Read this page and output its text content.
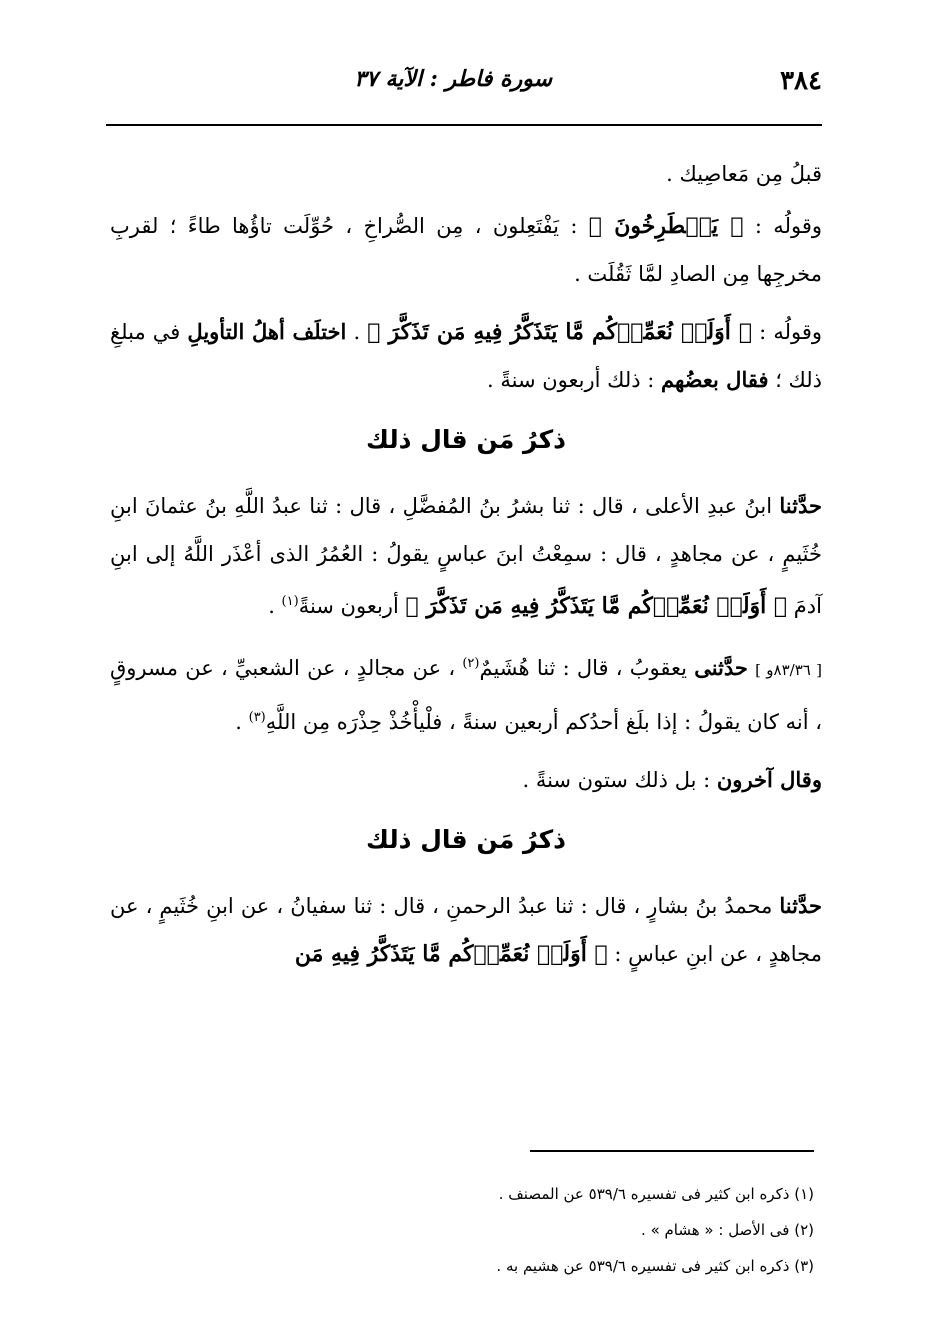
٣٨٤
سورة فاطر : الآية ٣٧

قبلُ مِن مَعاصِيك .

وقولُه : ﴿ يَصۡطَرِخُونَ ﴾ : يَفْتَعِلون ، مِن الصُّراخِ ، حُوِّلَت تاؤُها طاءً ؛ لقربِ مخرجِها مِن الصادِ لمَّا ثَقُلَت .

وقولُه : ﴿ أَوَلَمۡ نُعَمِّرۡكُم مَّا يَتَذَكَّرُ فِيهِ مَن تَذَكَّرَ ﴾ . اختلَف أهلُ التأويلِ في مبلغِ ذلك ؛ فقال بعضُهم : ذلك أربعون سنةً .

ذكرُ مَن قال ذلك

حدَّثنا ابنُ عبدِ الأعلى ، قال : ثنا بشرُ بنُ المُفضَّلِ ، قال : ثنا عبدُ اللَّهِ بنُ عثمانَ ابنِ خُثَيمٍ ، عن مجاهدٍ ، قال : سمِعْتُ ابنَ عباسٍ يقولُ : العُمُرُ الذى أعْذَر اللَّهُ إلى ابنِ آدمَ ﴿ أَوَلَمۡ نُعَمِّرۡكُم مَّا يَتَذَكَّرُ فِيهِ مَن تَذَكَّرَ ﴾ أربعون سنةً$^{(١)}$ .

[ ٨٣/٣٦و ] حدَّثنى يعقوبُ ، قال : ثنا هُشَيمٌ$^{(٢)}$ ، عن مجالدٍ ، عن الشعبيِّ ، عن مسروقٍ ، أنه كان يقولُ : إذا بلَغ أحدُكم أربعين سنةً ، فلْيأْخُذْ حِذْرَه مِن اللَّهِ$^{(٣)}$ .

وقال آخرون : بل ذلك ستون سنةً .

ذكرُ مَن قال ذلك

حدَّثنا محمدُ بنُ بشارٍ ، قال : ثنا عبدُ الرحمنِ ، قال : ثنا سفيانُ ، عن ابنِ خُثَيمٍ ، عن مجاهدٍ ، عن ابنِ عباسٍ : ﴿ أَوَلَمۡ نُعَمِّرۡكُم مَّا يَتَذَكَّرُ فِيهِ مَن

(١) ذكره ابن كثير فى تفسيره ٥٣٩/٦ عن المصنف .

(٢) فى الأصل : « هشام » .

(٣) ذكره ابن كثير فى تفسيره ٥٣٩/٦ عن هشيم به .
